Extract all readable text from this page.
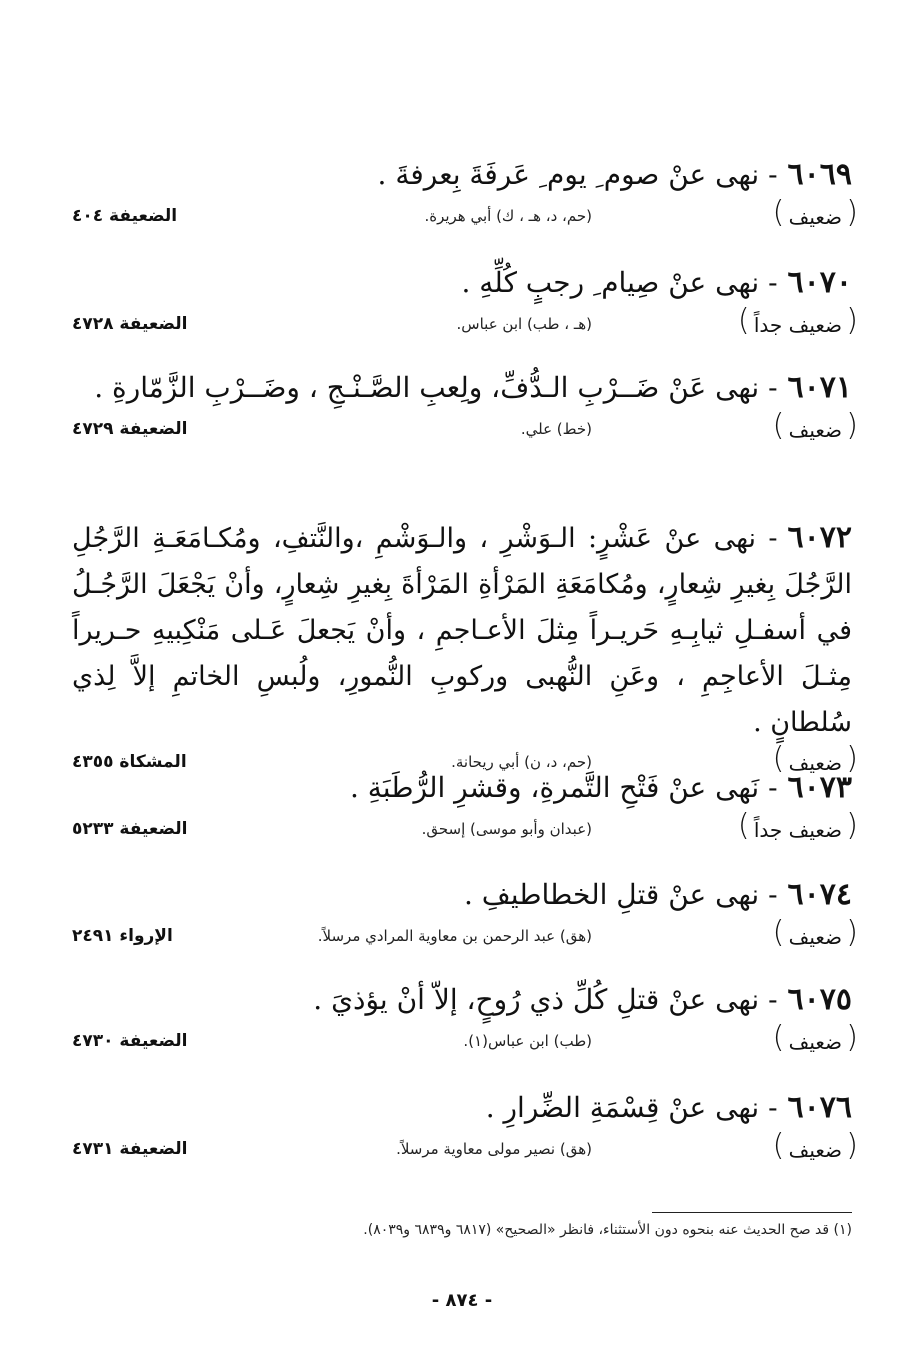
٦٠٦٩- نهى عنْ صوم ِ يوم ِ عَرفَةَ بِعرفةَ .
( ضعيف )
(حم، د، هـ ، ك) أبي هريرة.
الضعيفة ٤٠٤
٦٠٧٠- نهى عنْ صِيام ِ رجبٍ كُلِّهِ .
( ضعيف جداً )
(هـ ، طب) ابن عباس.
الضعيفة ٤٧٢٨
٦٠٧١- نهى عَنْ ضَــرْبِ الـدُّفِّ، ولِعبِ الصَّـنْـجِ ، وضَــرْبِ الزَّمّارةِ .
( ضعيف )
(خط) علي.
الضعيفة ٤٧٢٩
٦٠٧٢- نهى عنْ عَشْرٍ: الـوَشْرِ ، والـوَشْمِ ،والنَّتفِ، ومُكـامَعَـةِ الرَّجُلِ الرَّجُلَ بِغيرِ شِعارٍ، ومُكامَعَةِ المَرْأةِ المَرْأةَ بِغيرِ شِعارٍ، وأنْ يَجْعَلَ الرَّجُـلُ في أسفـلِ ثيابِـهِ حَريـراً مِثلَ الأعـاجمِ ، وأنْ يَجعلَ عَـلى مَنْكِبيهِ حـريراً مِثـلَ الأعاجِمِ ، وعَنِ النُّهبى وركوبِ النُّمورِ، ولُبسِ الخاتمِ إلاَّ لِذي سُلطانٍ .
( ضعيف )
(حم، د، ن) أبي ريحانة.
المشكاة ٤٣٥٥
٦٠٧٣- نَهى عنْ فَتْحِ التَّمرةِ، وقشرِ الرُّطَبَةِ .
( ضعيف جداً )
(عبدان وأبو موسى) إسحق.
الضعيفة ٥٢٣٣
٦٠٧٤- نهى عنْ قتلِ الخطاطيفِ .
( ضعيف )
(هق) عبد الرحمن بن معاوية المرادي مرسلاً.
الإرواء ٢٤٩١
٦٠٧٥- نهى عنْ قتلِ كُلِّ ذي رُوحٍ، إلاّ أنْ يؤذيَ .
( ضعيف )
(طب) ابن عباس(١).
الضعيفة ٤٧٣٠
٦٠٧٦- نهى عنْ قِسْمَةِ الضِّرارِ .
( ضعيف )
(هق) نصير مولى معاوية مرسلاً.
الضعيفة ٤٧٣١
(١) قد صح الحديث عنه بنحوه دون الأستثناء، فانظر «الصحيح» (٦٨١٧ و٦٨٣٩ و٨٠٣٩).
- ٨٧٤ -
